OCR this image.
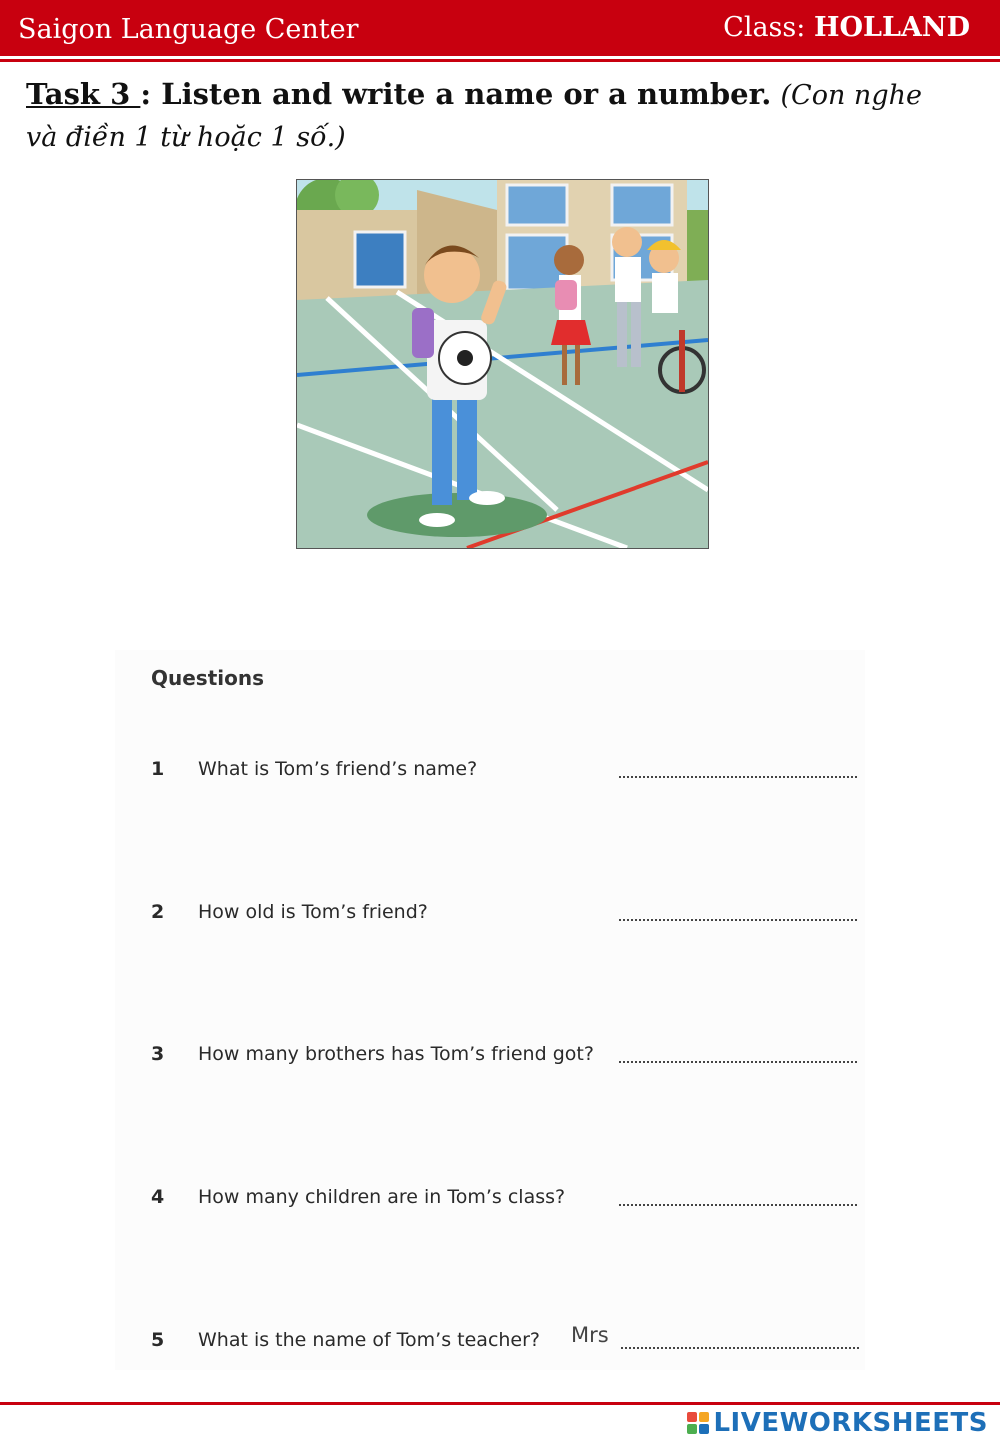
Saigon Language Center	Class: HOLLAND
Task 3 : Listen and write a name or a number. (Con nghe và điền 1 từ hoặc 1 số.)
Questions
1 What is Tom’s friend’s name?
2 How old is Tom’s friend?
3 How many brothers has Tom’s friend got?
4 How many children are in Tom’s class?
5 What is the name of Tom’s teacher? Mrs
LIVEWORKSHEETS
